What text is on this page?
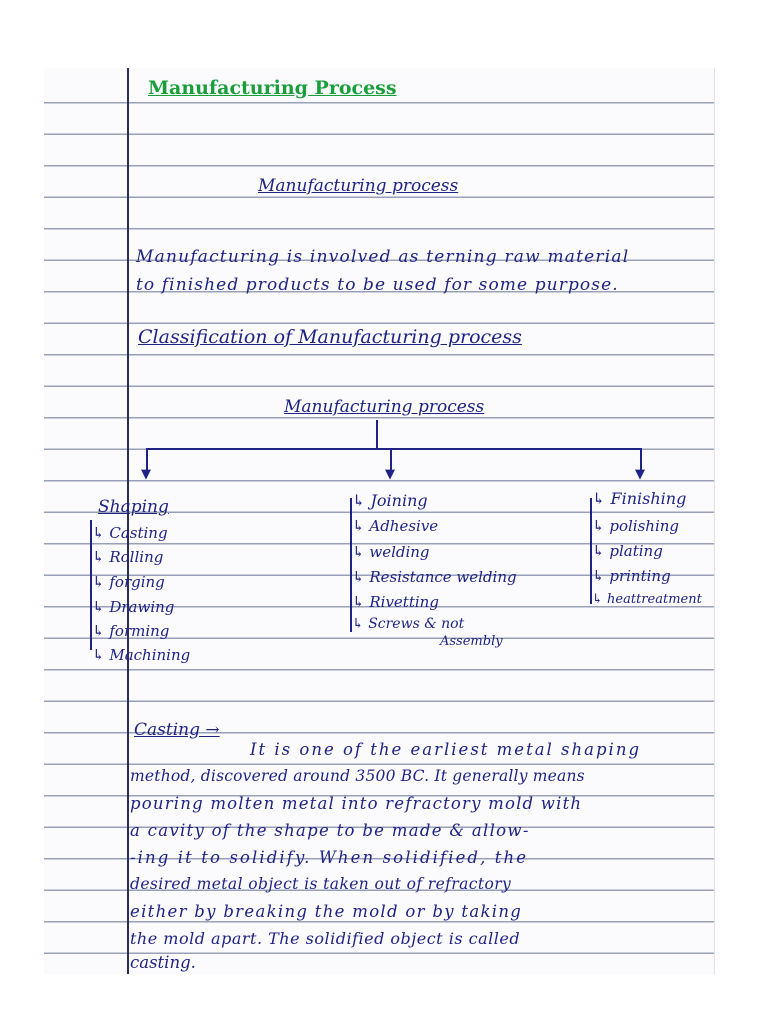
Manufacturing Process
Manufacturing process
Manufacturing is involved as terning raw material
to finished products to be used for some purpose.
Classification of Manufacturing process
Manufacturing process
▼	▼	▼
Shaping
↳ Casting
↳ Rolling
↳ forging
↳ Drawing
↳ forming
↳ Machining
↳ Joining
↳ Adhesive
↳ welding
↳ Resistance welding
↳ Rivetting
↳ Screws & not
Assembly
↳ Finishing
↳ polishing
↳ plating
↳ printing
↳ heattreatment
Casting →
It is one of the earliest metal shaping
method, discovered around 3500 BC. It generally means
pouring molten metal into refractory mold with
a cavity of the shape to be made & allow-
-ing it to solidify. When solidified, the
desired metal object is taken out of refractory
either by breaking the mold or by taking
the mold apart. The solidified object is called
casting.
